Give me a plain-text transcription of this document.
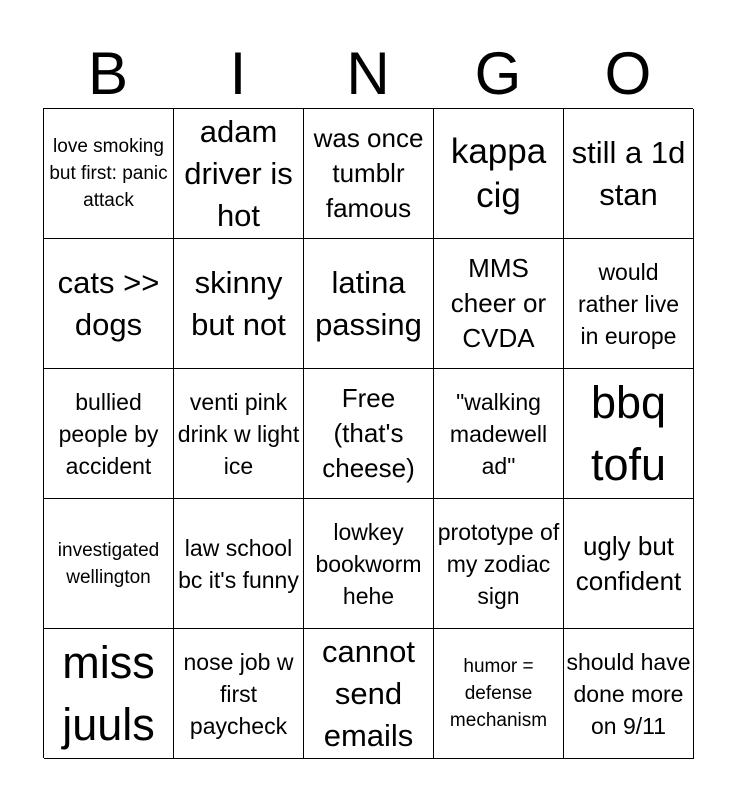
B	I	N	G	O
love smoking but first: panic attack
adam driver is hot
was once tumblr famous
kappa cig
still a 1d stan
cats >> dogs
skinny but not
latina passing
MMS cheer or CVDA
would rather live in europe
bullied people by accident
venti pink drink w light ice
Free (that's cheese)
"walking madewell ad"
bbq tofu
investigated wellington
law school bc it's funny
lowkey bookworm hehe
prototype of my zodiac sign
ugly but confident
miss juuls
nose job w first paycheck
cannot send emails
humor = defense mechanism
should have done more on 9/11
